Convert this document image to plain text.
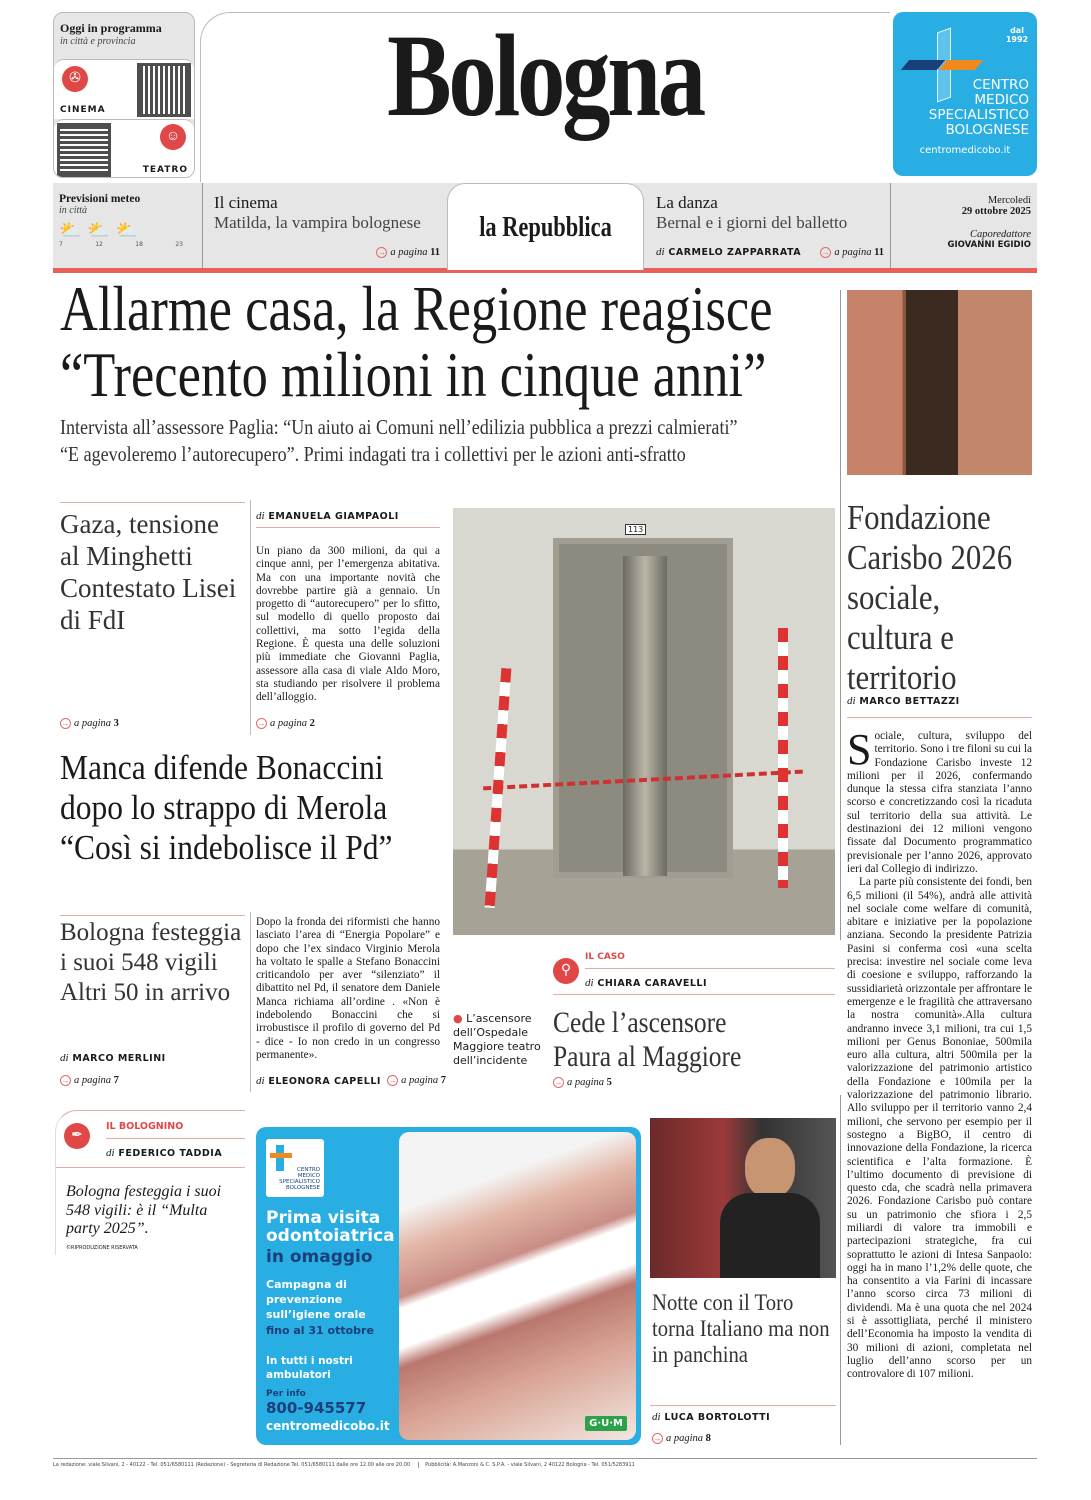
Oggi in programma
in città e provincia
✇
CINEMA
☺
TEATRO
Bologna	dal 1992
CENTRO
MEDICO
SPECIALISTICO
BOLOGNESE
centromedicobo.it
Previsioni meteo
in città
⛅ ⛅ ⛅
7	12	18	23
Il cinema
Matilda, la vampira bolognese
→ a pagina 11
la Repubblica
La danza
Bernal e i giorni del balletto
di CARMELO ZAPPARRATA	→ a pagina 11
Mercoledì
29 ottobre 2025
Caporedattore
GIOVANNI EGIDIO
Allarme casa, la Regione reagisce
“Trecento milioni in cinque anni”
Intervista all’assessore Paglia: “Un aiuto ai Comuni nell’edilizia pubblica a prezzi calmierati”
“E agevoleremo l’autorecupero”. Primi indagati tra i collettivi per le azioni anti-sfratto
Gaza, tensione al Minghetti Contestato Lisei di FdI
→ a pagina 3
di EMANUELA GIAMPAOLI
Un piano da 300 milioni, da qui a cinque anni, per l’emergenza abitativa. Ma con una importante novità che dovrebbe partire già a gennaio. Un progetto di “autorecupero” per lo sfitto, sul modello di quello proposto dai collettivi, ma sotto l’egida della Regione. È questa una delle soluzioni più immediate che Giovanni Paglia, assessore alla casa di viale Aldo Moro, sta studiando per risolvere il problema dell’alloggio.
→ a pagina 2
113
● L’ascensore dell’Ospedale Maggiore teatro dell’incidente
⚲
IL CASO
di CHIARA CARAVELLI
Cede l’ascensore
Paura al Maggiore
→ a pagina 5
Manca difende Bonaccini dopo lo strappo di Merola “Così si indebolisce il Pd”
Bologna festeggia i suoi 548 vigili Altri 50 in arrivo
di MARCO MERLINI
→ a pagina 7
Dopo la fronda dei riformisti che hanno lasciato l’area di “Energia Popolare” e dopo che l’ex sindaco Virginio Merola ha voltato le spalle a Stefano Bonaccini criticandolo per aver “silenziato” il dibattito nel Pd, il senatore dem Daniele Manca richiama all’ordine . «Non è indebolendo Bonaccini che si irrobustisce il profilo di governo del Pd - dice - Io non credo in un congresso permanente».
di ELEONORA CAPELLI → a pagina 7
✒
IL BOLOGNINO
di FEDERICO TADDIA
Bologna festeggia i suoi 548 vigili: è il “Multa party 2025”.
©RIPRODUZIONE RISERVATA
CENTRO
MEDICO
SPECIALISTICO
BOLOGNESE
Prima visita odontoiatrica
in omaggio
Campagna di prevenzione sull’igiene orale
fino al 31 ottobre
In tutti i nostri ambulatori
Per info
800-945577
centromedicobo.it	G·U·M
Notte con il Toro torna Italiano ma non in panchina
di LUCA BORTOLOTTI
→ a pagina 8
Fondazione Carisbo 2026 sociale, cultura e territorio
di MARCO BETTAZZI
Sociale, cultura, sviluppo del territorio. Sono i tre filoni su cui la Fondazione Carisbo investe 12 milioni per il 2026, confermando dunque la stessa cifra stanziata l’anno scorso e concretizzando così la ricaduta sul territorio della sua attività. Le destinazioni dei 12 milioni vengono fissate dal Documento programmatico previsionale per l’anno 2026, approvato ieri dal Collegio di indirizzo.
La parte più consistente dei fondi, ben 6,5 milioni (il 54%), andrà alle attività nel sociale come welfare di comunità, abitare e iniziative per la popolazione anziana. Secondo la presidente Patrizia Pasini si conferma così «una scelta precisa: investire nel sociale come leva di coesione e sviluppo, rafforzando la sussidiarietà orizzontale per affrontare le emergenze e le fragilità che attraversano la nostra comunità».Alla cultura andranno invece 3,1 milioni, tra cui 1,5 milioni per Genus Bononiae, 500mila euro alla cultura, altri 500mila per la valorizzazione del patrimonio artistico della Fondazione e 100mila per la valorizzazione del patrimonio librario. Allo sviluppo per il territorio vanno 2,4 milioni, che servono per esempio per il sostegno a BigBO, il centro di innovazione della Fondazione, la ricerca scientifica e l’alta formazione. È l’ultimo documento di previsione di questo cda, che scadrà nella primavera 2026. Fondazione Carisbo può contare su un patrimonio che sfiora i 2,5 miliardi di valore tra immobili e partecipazioni strategiche, fra cui soprattutto le azioni di Intesa Sanpaolo: oggi ha in mano l’1,2% delle quote, che ha consentito a via Farini di incassare l’anno scorso circa 73 milioni di dividendi. Ma è una quota che nel 2024 si è assottigliata, perché il ministero dell’Economia ha imposto la vendita di 30 milioni di azioni, completata nel luglio dell’anno scorso per un controvalore di 107 milioni.
La redazione: viale Silvani, 2 - 40122 - Tel. 051/6580111 (Redazione) - Segreteria di Redazione Tel. 051/6580111 dalle ore 12.00 alle ore 20.00	Pubblicità: A.Manzoni & C. S.P.A. - viale Silvani, 2 40122 Bologna - Tel. 051/5283911
